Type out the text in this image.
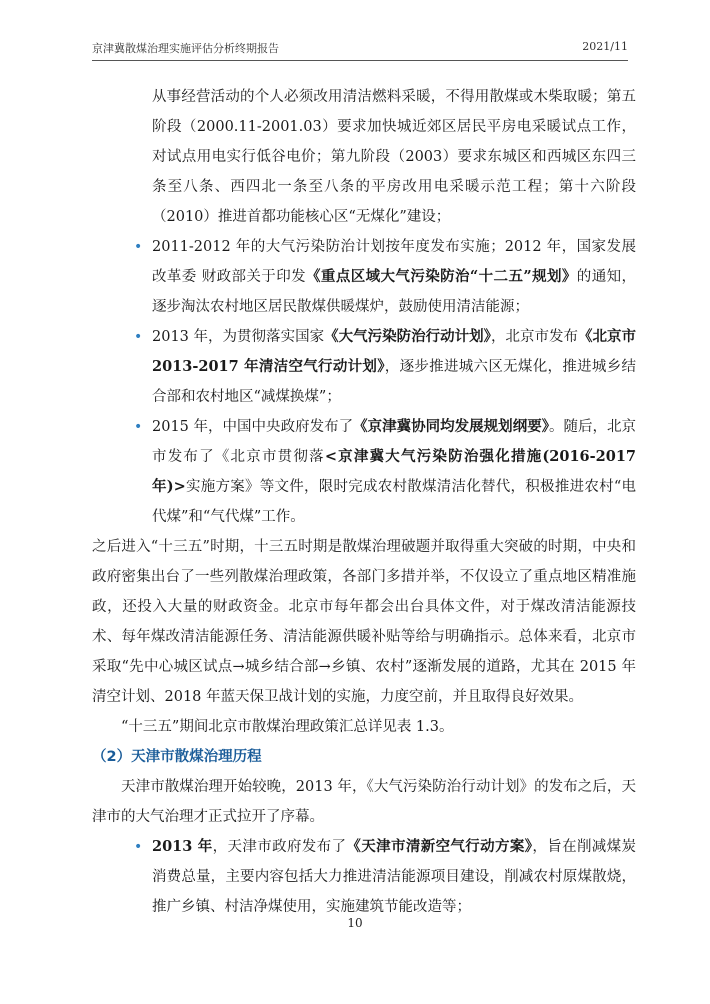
京津冀散煤治理实施评估分析终期报告	2021/11

从事经营活动的个人必须改用清洁燃料采暖，不得用散煤或木柴取暖；第五阶段（2000.11-2001.03）要求加快城近郊区居民平房电采暖试点工作，对试点用电实行低谷电价；第九阶段（2003）要求东城区和西城区东四三条至八条、西四北一条至八条的平房改用电采暖示范工程；第十六阶段（2010）推进首都功能核心区“无煤化”建设；

• 2011-2012 年的大气污染防治计划按年度发布实施；2012 年，国家发展改革委 财政部关于印发《重点区域大气污染防治“十二五”规划》的通知，逐步淘汰农村地区居民散煤供暖煤炉，鼓励使用清洁能源；

• 2013 年，为贯彻落实国家《大气污染防治行动计划》，北京市发布《北京市 2013-2017 年清洁空气行动计划》，逐步推进城六区无煤化，推进城乡结合部和农村地区“减煤换煤”；

• 2015 年，中国中央政府发布了《京津冀协同均发展规划纲要》。随后，北京市发布了《北京市贯彻落<京津冀大气污染防治强化措施(2016-2017 年)>实施方案》等文件，限时完成农村散煤清洁化替代，积极推进农村“电代煤”和“气代煤”工作。

之后进入“十三五”时期，十三五时期是散煤治理破题并取得重大突破的时期，中央和政府密集出台了一些列散煤治理政策，各部门多措并举，不仅设立了重点地区精准施政，还投入大量的财政资金。北京市每年都会出台具体文件，对于煤改清洁能源技术、每年煤改清洁能源任务、清洁能源供暖补贴等给与明确指示。总体来看，北京市采取“先中心城区试点→城乡结合部→乡镇、农村”逐渐发展的道路，尤其在 2015 年清空计划、2018 年蓝天保卫战计划的实施，力度空前，并且取得良好效果。

“十三五”期间北京市散煤治理政策汇总详见表 1.3。

（2）天津市散煤治理历程

天津市散煤治理开始较晚，2013 年，《大气污染防治行动计划》的发布之后，天津市的大气治理才正式拉开了序幕。

• 2013 年，天津市政府发布了《天津市清新空气行动方案》，旨在削减煤炭消费总量，主要内容包括大力推进清洁能源项目建设，削减农村原煤散烧，推广乡镇、村洁净煤使用，实施建筑节能改造等；

10
